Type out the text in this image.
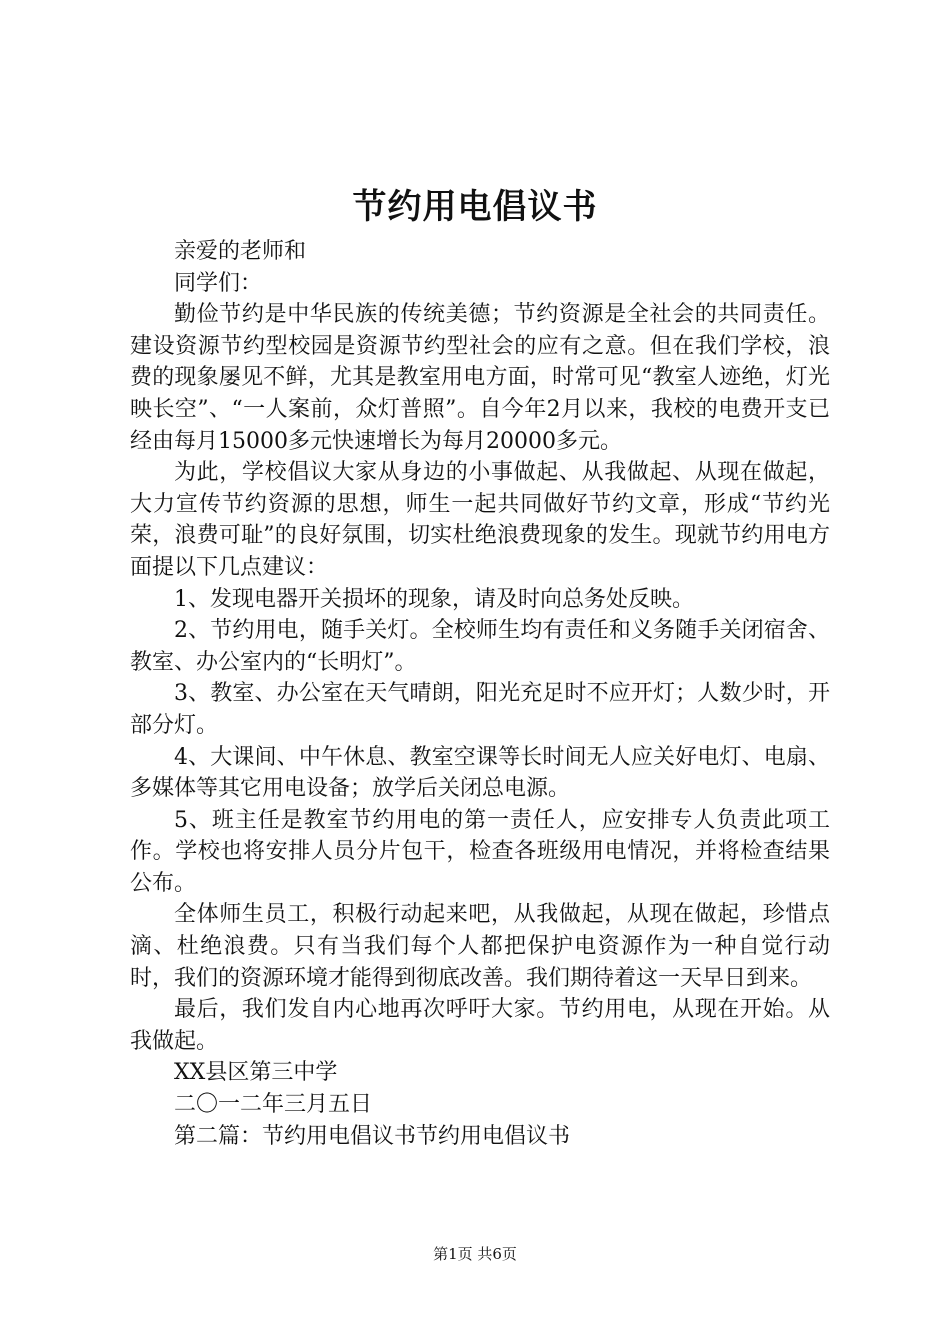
节约用电倡议书

亲爱的老师和

同学们：

勤俭节约是中华民族的传统美德；节约资源是全社会的共同责任。建设资源节约型校园是资源节约型社会的应有之意。但在我们学校，浪费的现象屡见不鲜，尤其是教室用电方面，时常可见“教室人迹绝，灯光映长空”、“一人案前，众灯普照”。自今年2月以来，我校的电费开支已经由每月15000多元快速增长为每月20000多元。

为此，学校倡议大家从身边的小事做起、从我做起、从现在做起，大力宣传节约资源的思想，师生一起共同做好节约文章，形成“节约光荣，浪费可耻”的良好氛围，切实杜绝浪费现象的发生。现就节约用电方面提以下几点建议：

1、发现电器开关损坏的现象，请及时向总务处反映。

2、节约用电，随手关灯。全校师生均有责任和义务随手关闭宿舍、教室、办公室内的“长明灯”。

3、教室、办公室在天气晴朗，阳光充足时不应开灯；人数少时，开部分灯。

4、大课间、中午休息、教室空课等长时间无人应关好电灯、电扇、多媒体等其它用电设备；放学后关闭总电源。

5、班主任是教室节约用电的第一责任人，应安排专人负责此项工作。学校也将安排人员分片包干，检查各班级用电情况，并将检查结果公布。

全体师生员工，积极行动起来吧，从我做起，从现在做起，珍惜点滴、杜绝浪费。只有当我们每个人都把保护电资源作为一种自觉行动时，我们的资源环境才能得到彻底改善。我们期待着这一天早日到来。

最后，我们发自内心地再次呼吁大家。节约用电，从现在开始。从我做起。

XX县区第三中学

二〇一二年三月五日

第二篇：节约用电倡议书节约用电倡议书

第1页 共6页
